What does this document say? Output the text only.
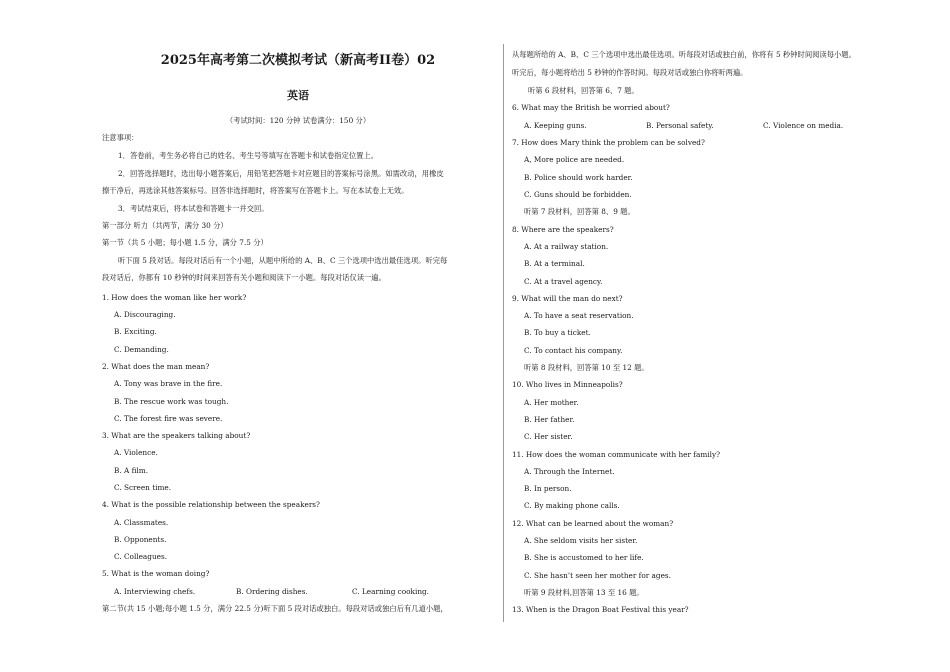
2025年高考第二次模拟考试（新高考II卷）02
英语
（考试时间：120 分钟 试卷满分：150 分）
注意事项：
1．答卷前，考生务必将自己的姓名、考生号等填写在答题卡和试卷指定位置上。
2．回答选择题时，选出每小题答案后，用铅笔把答题卡对应题目的答案标号涂黑。如需改动，用橡皮
擦干净后，再选涂其他答案标号。回答非选择题时，将答案写在答题卡上。写在本试卷上无效。
3．考试结束后，将本试卷和答题卡一并交回。
第一部分 听力（共两节，满分 30 分）
第一节（共 5 小题；每小题 1.5 分，满分 7.5 分）
听下面 5 段对话。每段对话后有一个小题，从题中所给的 A、B、C 三个选项中选出最佳选项。听完每
段对话后，你都有 10 秒钟的时间来回答有关小题和阅读下一小题。每段对话仅读一遍。
1. How does the woman like her work?
A. Discouraging.
B. Exciting.
C. Demanding.
2. What does the man mean?
A. Tony was brave in the fire.
B. The rescue work was tough.
C. The forest fire was severe.
3. What are the speakers talking about?
A. Violence.
B. A film.
C. Screen time.
4. What is the possible relationship between the speakers?
A. Classmates.
B. Opponents.
C. Colleagues.
5. What is the woman doing?
A. Interviewing chefs.	B. Ordering dishes.	C. Learning cooking.
第二节(共 15 小题;每小题 1.5 分，满分 22.5 分)听下面 5 段对话或独白。每段对话或独白后有几道小题，
从每题所给的 A、B、C 三个选项中选出最佳选项。听每段对话或独白前，你将有 5 秒钟时间阅读每小题。
听完后，每小题将给出 5 秒钟的作答时间。每段对话或独白你将听两遍。
听第 6 段材料，回答第 6、7 题。
6. What may the British be worried about?
A. Keeping guns.	B. Personal safety.	C. Violence on media.
7. How does Mary think the problem can be solved?
A, More police are needed.
B. Police should work harder.
C. Guns should be forbidden.
听第 7 段材料，回答第 8、9 题。
8. Where are the speakers?
A. At a railway station.
B. At a terminal.
C. At a travel agency.
9. What will the man do next?
A. To have a seat reservation.
B. To buy a ticket.
C. To contact his company.
听第 8 段材料，回答第 10 至 12 题。
10. Who lives in Minneapolis?
A. Her mother.
B. Her father.
C. Her sister.
11. How does the woman communicate with her family?
A. Through the Internet.
B. In person.
C. By making phone calls.
12. What can be learned about the woman?
A. She seldom visits her sister.
B. She is accustomed to her life.
C. She hasn’t seen her mother for ages.
听第 9 段材料,回答第 13 至 16 题。
13. When is the Dragon Boat Festival this year?
